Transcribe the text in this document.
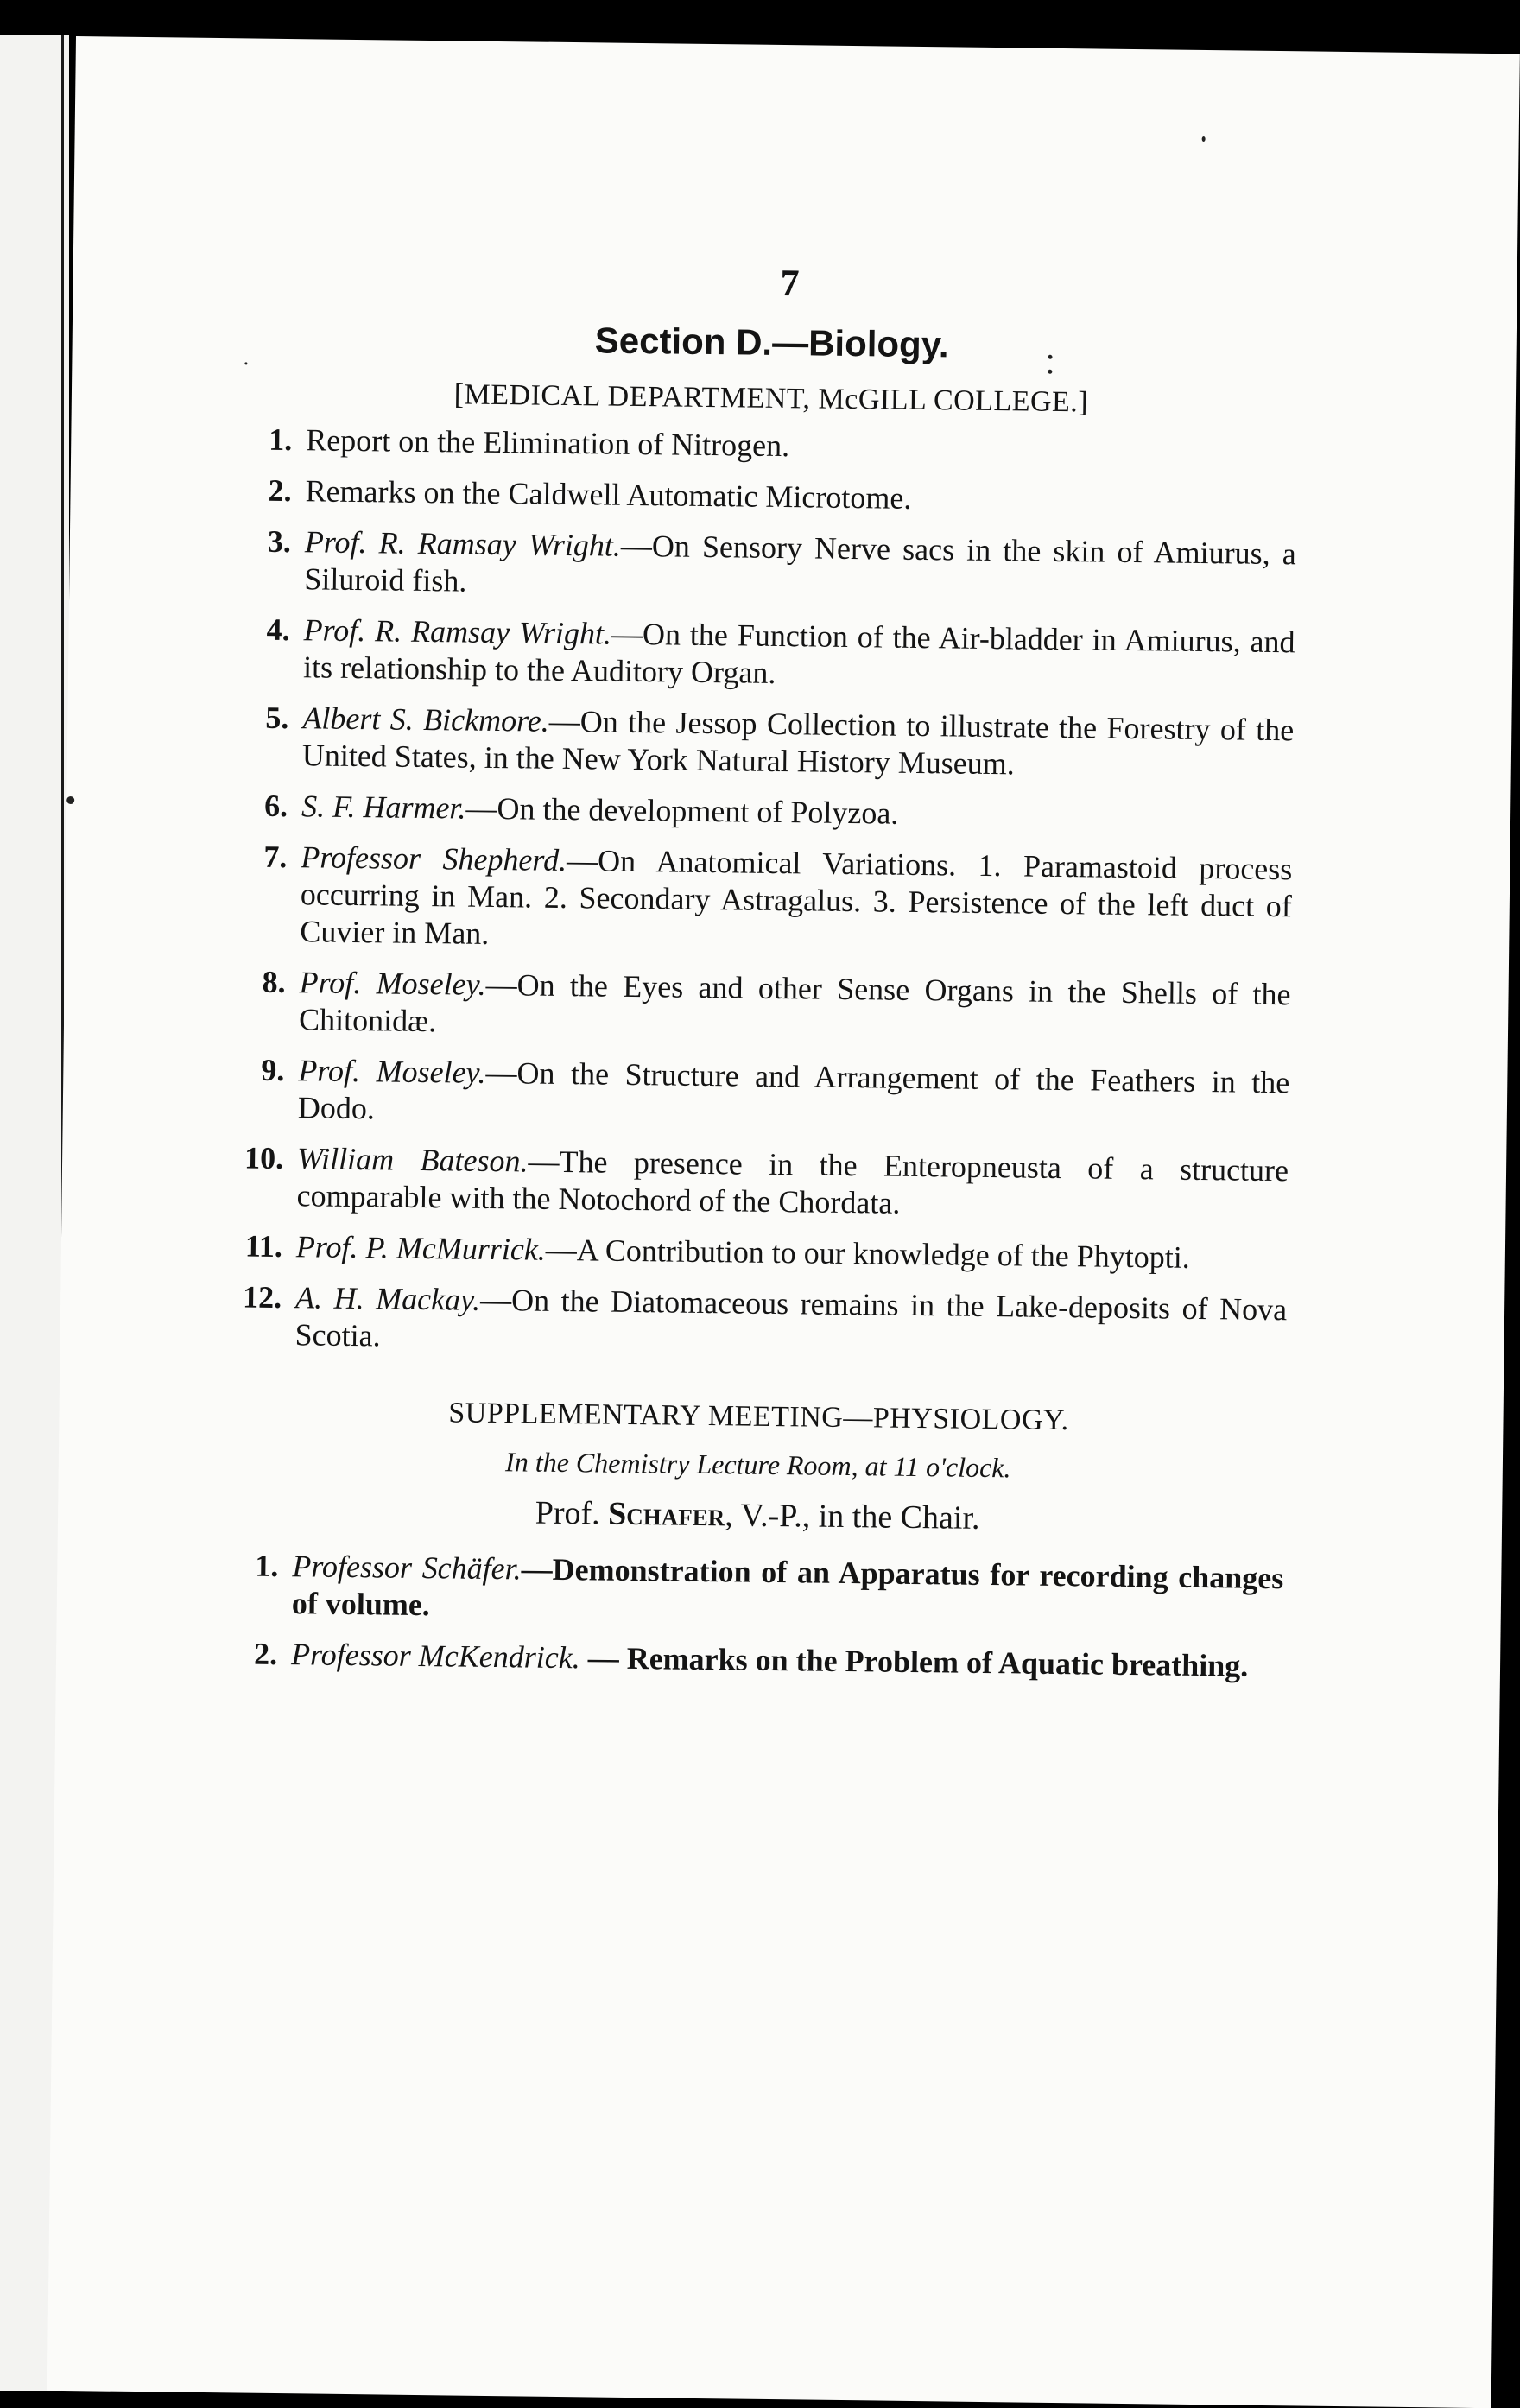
7
Section D.—Biology.
[MEDICAL DEPARTMENT, McGILL COLLEGE.]
1. Report on the Elimination of Nitrogen.
2. Remarks on the Caldwell Automatic Microtome.
3. Prof. R. Ramsay Wright.—On Sensory Nerve sacs in the skin of Amiurus, a Siluroid fish.
4. Prof. R. Ramsay Wright.—On the Function of the Air-bladder in Amiurus, and its relationship to the Auditory Organ.
5. Albert S. Bickmore.—On the Jessop Collection to illustrate the Forestry of the United States, in the New York Natural History Museum.
6. S. F. Harmer.—On the development of Polyzoa.
7. Professor Shepherd.—On Anatomical Variations. 1. Paramastoid process occurring in Man. 2. Secondary Astragalus. 3. Persistence of the left duct of Cuvier in Man.
8. Prof. Moseley.—On the Eyes and other Sense Organs in the Shells of the Chitonidæ.
9. Prof. Moseley.—On the Structure and Arrangement of the Feathers in the Dodo.
10. William Bateson.—The presence in the Enteropneusta of a structure comparable with the Notochord of the Chordata.
11. Prof. P. McMurrick.—A Contribution to our knowledge of the Phytopti.
12. A. H. Mackay.—On the Diatomaceous remains in the Lake-deposits of Nova Scotia.
SUPPLEMENTARY MEETING—PHYSIOLOGY.
In the Chemistry Lecture Room, at 11 o'clock.
Prof. Schafer, V.-P., in the Chair.
1. Professor Schäfer.—Demonstration of an Apparatus for recording changes of volume.
2. Professor McKendrick. — Remarks on the Problem of Aquatic breathing.
